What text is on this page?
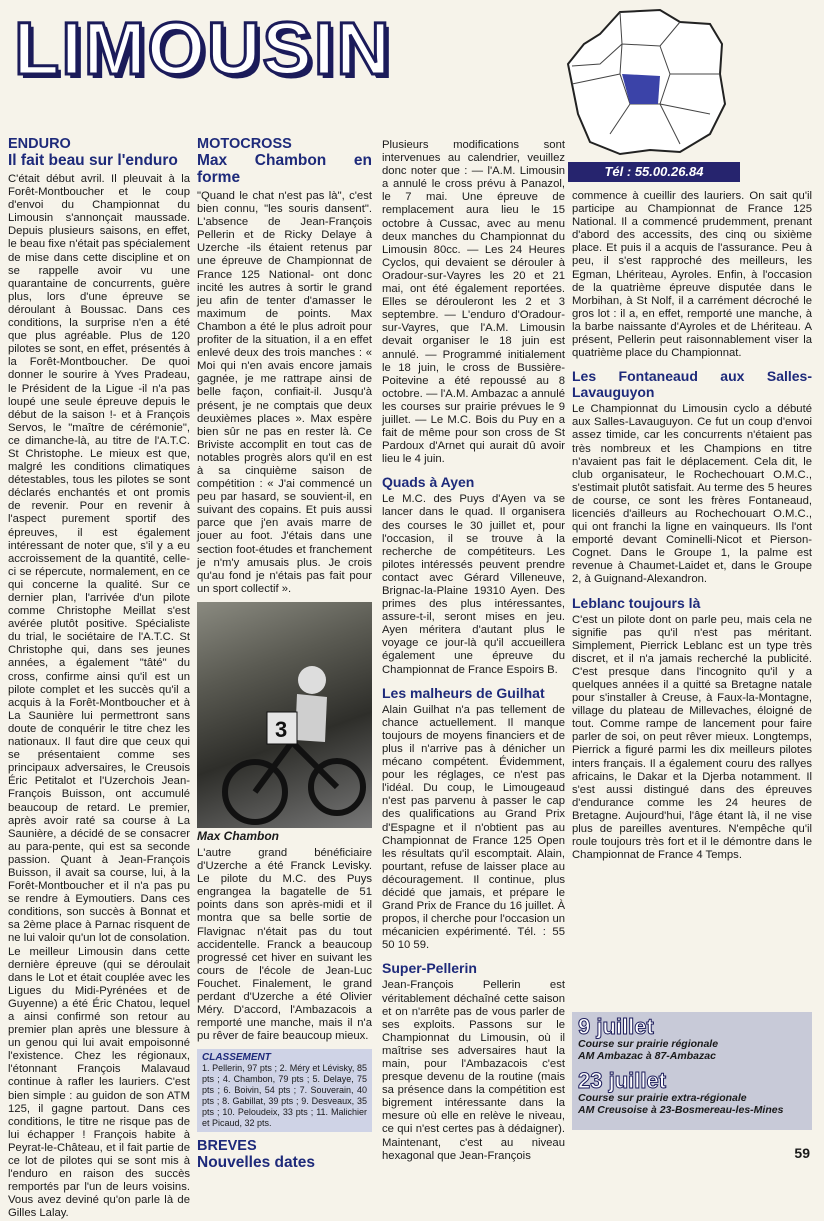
LIMOUSIN
Tél : 55.00.26.84
ENDURO
Il fait beau sur l'enduro

C'était début avril. Il pleuvait à la Forêt-Montboucher et le coup d'envoi du Championnat du Limousin s'annonçait maussade. Depuis plusieurs saisons, en effet, le beau fixe n'était pas spécialement de mise dans cette discipline et on se rappelle avoir vu une quarantaine de concurrents, guère plus, lors d'une épreuve se déroulant à Boussac. Dans ces conditions, la surprise n'en a été que plus agréable. Plus de 120 pilotes se sont, en effet, présentés à la Forêt-Montboucher. De quoi donner le sourire à Yves Pradeau, le Président de la Ligue -il n'a pas loupé une seule épreuve depuis le début de la saison !- et à François Servos, le "maître de cérémonie", ce dimanche-là, au titre de l'A.T.C. St Christophe. Le mieux est que, malgré les conditions climatiques détestables, tous les pilotes se sont déclarés enchantés et ont promis de revenir. Pour en revenir à l'aspect purement sportif des épreuves, il est également intéressant de noter que, s'il y a eu accroissement de la quantité, celle-ci se répercute, normalement, en ce qui concerne la qualité. Sur ce dernier plan, l'arrivée d'un pilote comme Christophe Meillat s'est avérée plutôt positive. Spécialiste du trial, le sociétaire de l'A.T.C. St Christophe qui, dans ses jeunes années, a également "tâté" du cross, confirme ainsi qu'il est un pilote complet et les succès qu'il a acquis à la Forêt-Montboucher et à La Saunière lui permettront sans doute de conquérir le titre chez les nationaux. Il faut dire que ceux qui se présentaient comme ses principaux adversaires, le Creusois Éric Petitalot et l'Uzerchois Jean-François Buisson, ont accumulé beaucoup de retard. Le premier, après avoir raté sa course à La Saunière, a décidé de se consacrer au para-pente, qui est sa seconde passion. Quant à Jean-François Buisson, il avait sa course, lui, à la Forêt-Montboucher et il n'a pas pu se rendre à Eymoutiers. Dans ces conditions, son succès à Bonnat et sa 2ème place à Parnac risquent de ne lui valoir qu'un lot de consolation. Le meilleur Limousin dans cette dernière épreuve (qui se déroulait dans le Lot et était couplée avec les Ligues du Midi-Pyrénées et de Guyenne) a été Éric Chatou, lequel a ainsi confirmé son retour au premier plan après une blessure à un genou qui lui avait empoisonné l'existence. Chez les régionaux, l'étonnant François Malavaud continue à rafler les lauriers. C'est bien simple : au guidon de son ATM 125, il gagne partout. Dans ces conditions, le titre ne risque pas de lui échapper ! François habite à Peyrat-le-Château, et il fait partie de ce lot de pilotes qui se sont mis à l'enduro en raison des succès remportés par l'un de leurs voisins. Vous avez deviné qu'on parle là de Gilles Lalay.

MOTOCROSS
Max Chambon en forme

"Quand le chat n'est pas là", c'est bien connu, "les souris dansent". L'absence de Jean-François Pellerin et de Ricky Delaye à Uzerche -ils étaient retenus par une épreuve de Championnat de France 125 National- ont donc incité les autres à sortir le grand jeu afin de tenter d'amasser le maximum de points. Max Chambon a été le plus adroit pour profiter de la situation, il a en effet enlevé deux des trois manches : « Moi qui n'en avais encore jamais gagnée, je me rattrape ainsi de belle façon, confiait-il. Jusqu'à présent, je ne comptais que deux deuxièmes places ». Max espère bien sûr ne pas en rester là. Ce Briviste accomplit en tout cas de notables progrès alors qu'il en est à sa cinquième saison de compétition : « J'ai commencé un peu par hasard, se souvient-il, en suivant des copains. Et puis aussi parce que j'en avais marre de jouer au foot. J'étais dans une section foot-études et franchement je n'm'y amusais plus. Je crois qu'au fond je n'étais pas fait pour un sport collectif ».

3
Max Chambon

L'autre grand bénéficiaire d'Uzerche a été Franck Levisky. Le pilote du M.C. des Puys engrangea la bagatelle de 51 points dans son après-midi et il montra que sa belle sortie de Flavignac n'était pas du tout accidentelle. Franck a beaucoup progressé cet hiver en suivant les cours de l'école de Jean-Luc Fouchet. Finalement, le grand perdant d'Uzerche a été Olivier Méry. D'accord, l'Ambazacois a remporté une manche, mais il n'a pu rêver de faire beaucoup mieux.

CLASSEMENT
1. Pellerin, 97 pts ; 2. Méry et Lévisky, 85 pts ; 4. Chambon, 79 pts ; 5. Delaye, 75 pts ; 6. Boivin, 54 pts ; 7. Souverain, 40 pts ; 8. Gabillat, 39 pts ; 9. Desveaux, 35 pts ; 10. Peloudeix, 33 pts ; 11. Malichier et Picaud, 32 pts.
BREVES
Nouvelles dates

Plusieurs modifications sont intervenues au calendrier, veuillez donc noter que : — l'A.M. Limousin a annulé le cross prévu à Panazol, le 7 mai. Une épreuve de remplacement aura lieu le 15 octobre à Cussac, avec au menu deux manches du Championnat du Limousin 80cc. — Les 24 Heures Cyclos, qui devaient se dérouler à Oradour-sur-Vayres les 20 et 21 mai, ont été également reportées. Elles se dérouleront les 2 et 3 septembre. — L'enduro d'Oradour-sur-Vayres, que l'A.M. Limousin devait organiser le 18 juin est annulé. — Programmé initialement le 18 juin, le cross de Bussière-Poitevine a été repoussé au 8 octobre. — l'A.M. Ambazac a annulé les courses sur prairie prévues le 9 juillet. — Le M.C. Bois du Puy en a fait de même pour son cross de St Pardoux d'Arnet qui aurait dû avoir lieu le 4 juin.

Quads à Ayen

Le M.C. des Puys d'Ayen va se lancer dans le quad. Il organisera des courses le 30 juillet et, pour l'occasion, il se trouve à la recherche de compétiteurs. Les pilotes intéressés peuvent prendre contact avec Gérard Villeneuve, Brignac-la-Plaine 19310 Ayen. Des primes des plus intéressantes, assure-t-il, seront mises en jeu. Ayen méritera d'autant plus le voyage ce jour-là qu'il accueillera également une épreuve du Championnat de France Espoirs B.

Les malheurs de Guilhat

Alain Guilhat n'a pas tellement de chance actuellement. Il manque toujours de moyens financiers et de plus il n'arrive pas à dénicher un mécano compétent. Évidemment, pour les réglages, ce n'est pas l'idéal. Du coup, le Limougeaud n'est pas parvenu à passer le cap des qualifications au Grand Prix d'Espagne et il n'obtient pas au Championnat de France 125 Open les résultats qu'il escomptait. Alain, pourtant, refuse de laisser place au découragement. Il continue, plus décidé que jamais, et prépare le Grand Prix de France du 16 juillet. À propos, il cherche pour l'occasion un mécanicien expérimenté. Tél. : 55 50 10 59.

Super-Pellerin

Jean-François Pellerin est véritablement déchaîné cette saison et on n'arrête pas de vous parler de ses exploits. Passons sur le Championnat du Limousin, où il maîtrise ses adversaires haut la main, pour l'Ambazacois c'est presque devenu de la routine (mais sa présence dans la compétition est bigrement intéressante dans la mesure où elle en relève le niveau, ce qui n'est certes pas à dédaigner). Maintenant, c'est au niveau hexagonal que Jean-François

commence à cueillir des lauriers. On sait qu'il participe au Championnat de France 125 National. Il a commencé prudemment, prenant d'abord des accessits, des cinq ou sixième place. Et puis il a acquis de l'assurance. Peu à peu, il s'est rapproché des meilleurs, les Egman, Lhériteau, Ayroles. Enfin, à l'occasion de la quatrième épreuve disputée dans le Morbihan, à St Nolf, il a carrément décroché le gros lot : il a, en effet, remporté une manche, à la barbe naissante d'Ayroles et de Lhériteau. A présent, Pellerin peut raisonnablement viser la quatrième place du Championnat.

Les Fontaneaud aux Salles-Lavauguyon

Le Championnat du Limousin cyclo a débuté aux Salles-Lavauguyon. Ce fut un coup d'envoi assez timide, car les concurrents n'étaient pas très nombreux et les Champions en titre n'avaient pas fait le déplacement. Cela dit, le club organisateur, le Rochechouart O.M.C., s'estimait plutôt satisfait. Au terme des 5 heures de course, ce sont les frères Fontaneaud, licenciés d'ailleurs au Rochechouart O.M.C., qui ont franchi la ligne en vainqueurs. Ils l'ont emporté devant Cominelli-Nicot et Pierson-Cognet. Dans le Groupe 1, la palme est revenue à Chaumet-Laidet et, dans le Groupe 2, à Guignand-Alexandron.

Leblanc toujours là

C'est un pilote dont on parle peu, mais cela ne signifie pas qu'il n'est pas méritant. Simplement, Pierrick Leblanc est un type très discret, et il n'a jamais recherché la publicité. C'est presque dans l'incognito qu'il y a quelques années il a quitté sa Bretagne natale pour s'installer à Creuse, à Faux-la-Montagne, village du plateau de Millevaches, éloigné de tout. Comme rampe de lancement pour faire parler de soi, on peut rêver mieux. Longtemps, Pierrick a figuré parmi les dix meilleurs pilotes inters français. Il a également couru des rallyes africains, le Dakar et la Djerba notamment. Il s'est aussi distingué dans des épreuves d'endurance comme les 24 heures de Bretagne. Aujourd'hui, l'âge étant là, il ne vise plus de pareilles aventures. N'empêche qu'il roule toujours très fort et il le démontre dans le Championnat de France 4 Temps.

9 juillet
Course sur prairie régionale
AM Ambazac à 87-Ambazac
23 juillet
Course sur prairie extra-régionale
AM Creusoise à 23-Bosmereau-les-Mines
59
